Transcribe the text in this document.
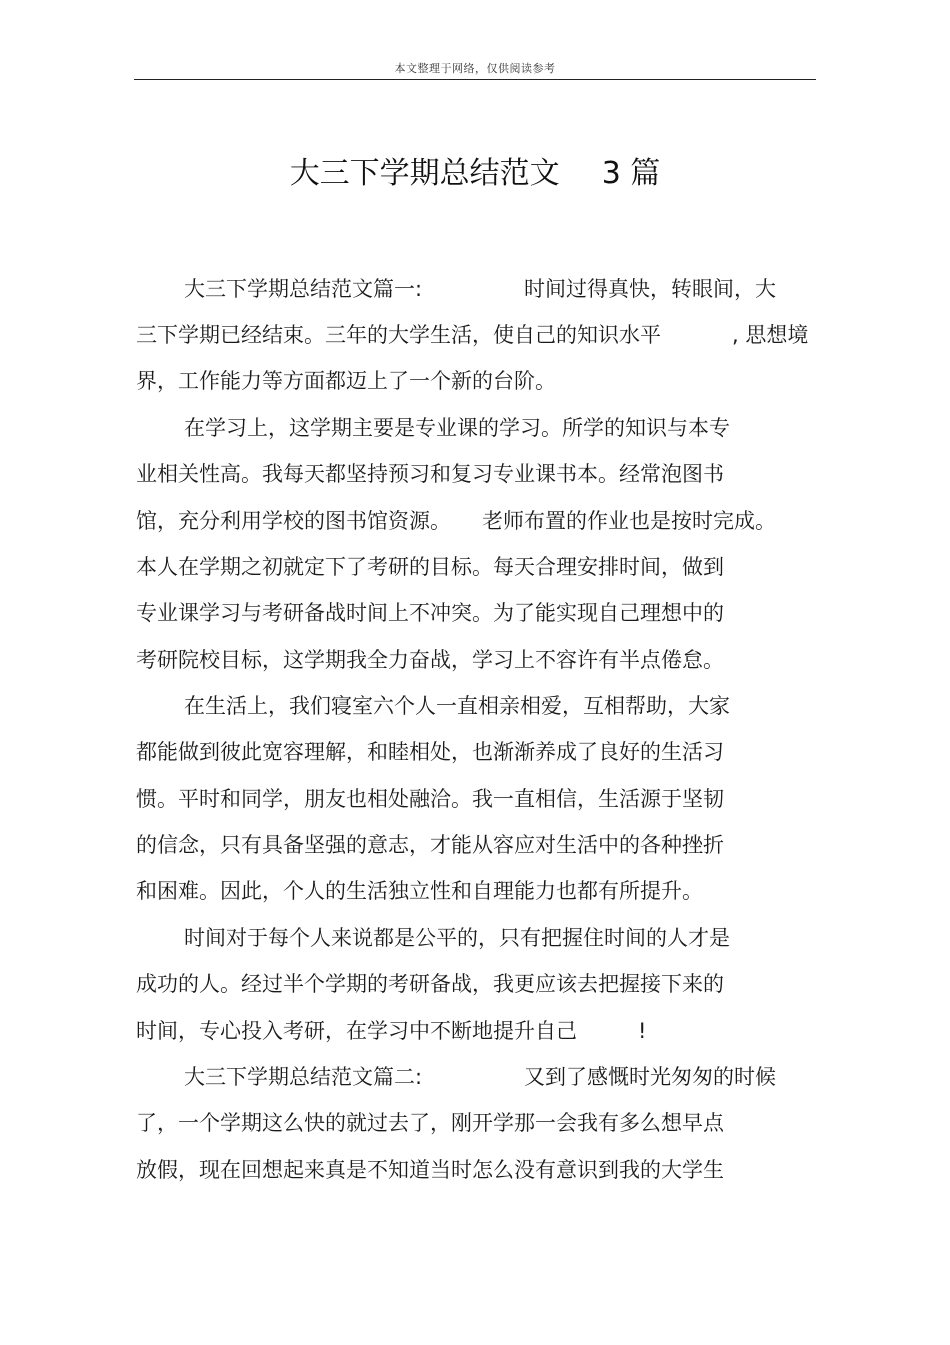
本文整理于网络，仅供阅读参考
大三下学期总结范文 3 篇
大三下学期总结范文篇一:	时间过得真快，转眼间，大
三下学期已经结束。三年的大学生活，使自己的知识水平	, 思想境
界，工作能力等方面都迈上了一个新的台阶。
在学习上，这学期主要是专业课的学习。所学的知识与本专
业相关性高。我每天都坚持预习和复习专业课书本。经常泡图书
馆，充分利用学校的图书馆资源。 老师布置的作业也是按时完成。
本人在学期之初就定下了考研的目标。每天合理安排时间，做到
专业课学习与考研备战时间上不冲突。为了能实现自己理想中的
考研院校目标，这学期我全力奋战，学习上不容许有半点倦怠。
在生活上，我们寝室六个人一直相亲相爱，互相帮助，大家
都能做到彼此宽容理解，和睦相处，也渐渐养成了良好的生活习
惯。平时和同学，朋友也相处融洽。我一直相信，生活源于坚韧
的信念，只有具备坚强的意志，才能从容应对生活中的各种挫折
和困难。因此，个人的生活独立性和自理能力也都有所提升。
时间对于每个人来说都是公平的，只有把握住时间的人才是
成功的人。经过半个学期的考研备战，我更应该去把握接下来的
时间，专心投入考研，在学习中不断地提升自己	!
大三下学期总结范文篇二:	又到了感慨时光匆匆的时候
了，一个学期这么快的就过去了，刚开学那一会我有多么想早点
放假，现在回想起来真是不知道当时怎么没有意识到我的大学生
